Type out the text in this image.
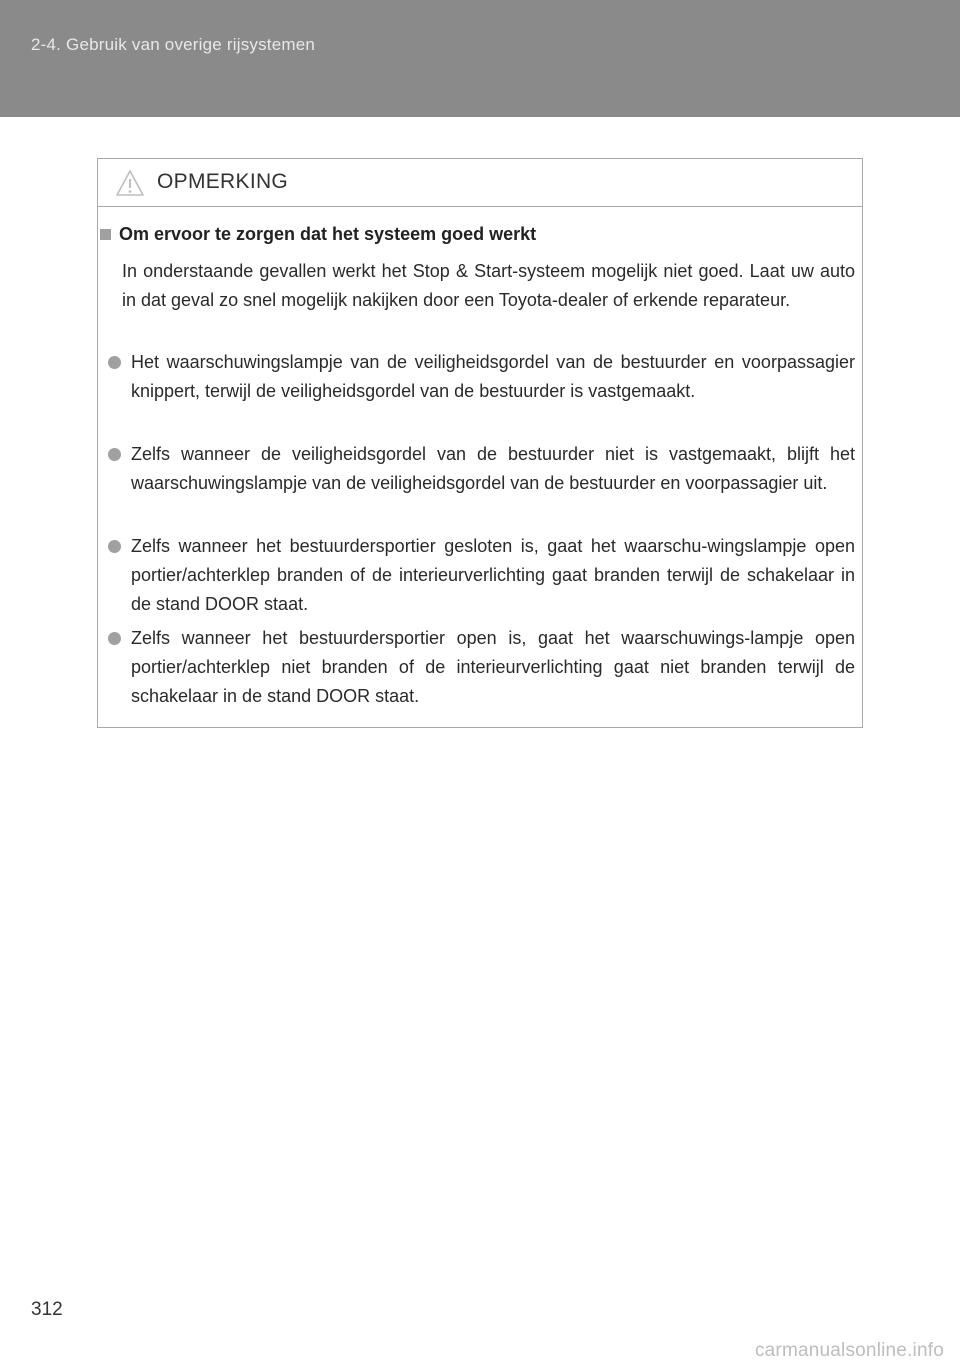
2-4. Gebruik van overige rijsystemen
OPMERKING
Om ervoor te zorgen dat het systeem goed werkt
In onderstaande gevallen werkt het Stop & Start-systeem mogelijk niet goed. Laat uw auto in dat geval zo snel mogelijk nakijken door een Toyota-dealer of erkende reparateur.
Het waarschuwingslampje van de veiligheidsgordel van de bestuurder en voorpassagier knippert, terwijl de veiligheidsgordel van de bestuurder is vastgemaakt.
Zelfs wanneer de veiligheidsgordel van de bestuurder niet is vastgemaakt, blijft het waarschuwingslampje van de veiligheidsgordel van de bestuurder en voorpassagier uit.
Zelfs wanneer het bestuurdersportier gesloten is, gaat het waarschu-wingslampje open portier/achterklep branden of de interieurverlichting gaat branden terwijl de schakelaar in de stand DOOR staat.
Zelfs wanneer het bestuurdersportier open is, gaat het waarschuwings-lampje open portier/achterklep niet branden of de interieurverlichting gaat niet branden terwijl de schakelaar in de stand DOOR staat.
312
carmanualsonline.info
